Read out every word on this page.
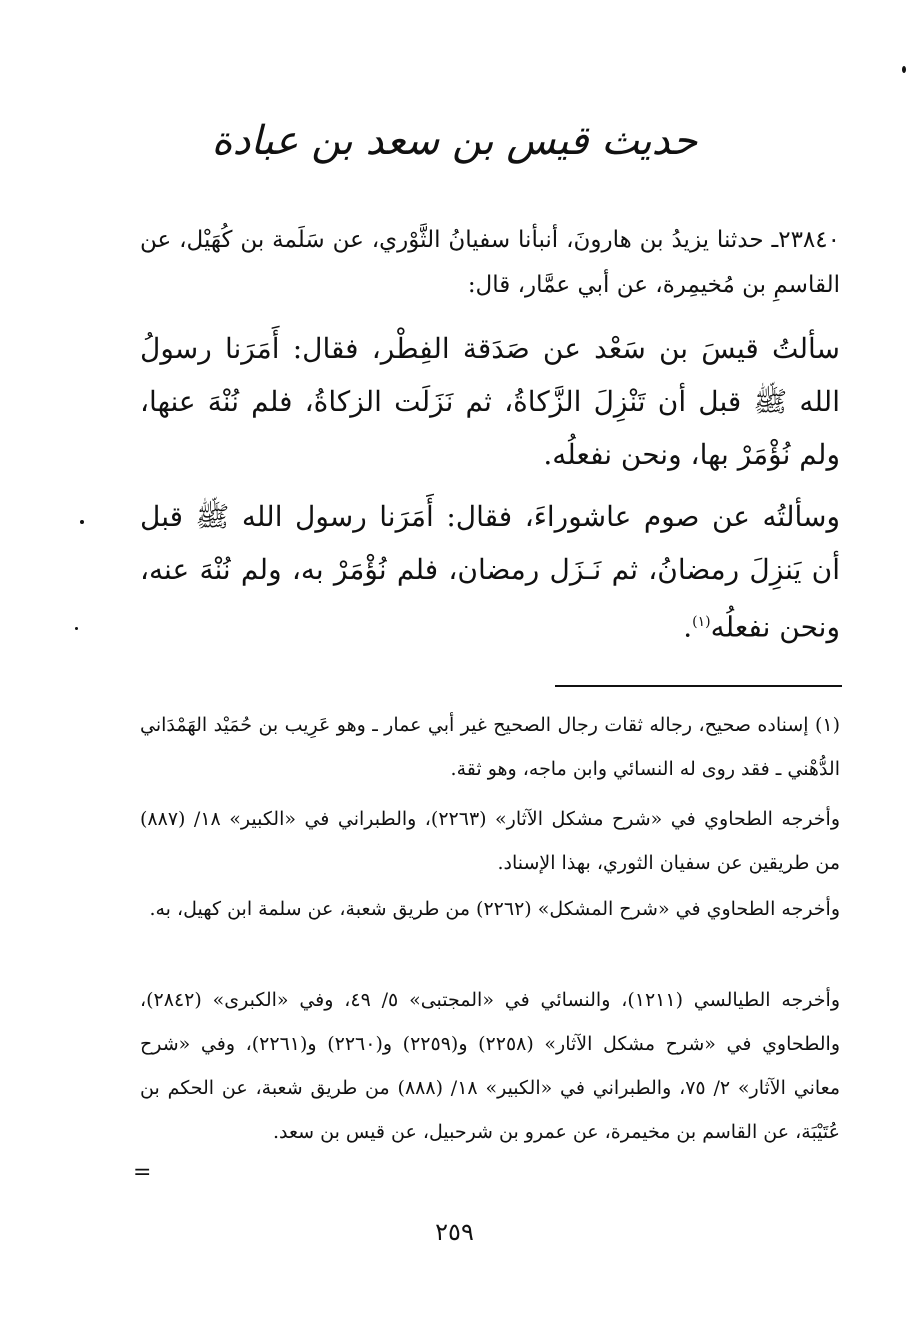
حديث قيس بن سعد بن عبادة

٢٣٨٤٠ـ حدثنا يزيدُ بن هارونَ، أنبأنا سفيانُ الثَّوْري، عن سَلَمة بن كُهَيْل، عن القاسمِ بن مُخيمِرة، عن أبي عمَّار، قال:

سألتُ قيسَ بن سَعْد عن صَدَقة الفِطْر، فقال: أَمَرَنا رسولُ الله ﷺ قبل أن تَنْزِلَ الزَّكاةُ، ثم نَزَلَت الزكاةُ، فلم نُنْهَ عنها، ولم نُؤْمَرْ بها، ونحن نفعلُه.

وسألتُه عن صوم عاشوراءَ، فقال: أَمَرَنا رسول الله ﷺ قبل أن يَنزِلَ رمضانُ، ثم نَـزَل رمضان، فلم نُؤْمَرْ به، ولم نُنْهَ عنه، ونحن نفعلُه$^{(١)}$.

(١) إسناده صحيح، رجاله ثقات رجال الصحيح غير أبي عمار ـ وهو عَرِيب بن حُمَيْد الهَمْدَاني الدُّهْني ـ فقد روى له النسائي وابن ماجه، وهو ثقة.

وأخرجه الطحاوي في «شرح مشكل الآثار» (٢٢٦٣)، والطبراني في «الكبير» ١٨/ (٨٨٧) من طريقين عن سفيان الثوري، بهذا الإسناد.

وأخرجه الطحاوي في «شرح المشكل» (٢٢٦٢) من طريق شعبة، عن سلمة ابن كهيل، به.

وأخرجه الطيالسي (١٢١١)، والنسائي في «المجتبى» ٥/ ٤٩، وفي «الكبرى» (٢٨٤٢)، والطحاوي في «شرح مشكل الآثار» (٢٢٥٨) و(٢٢٥٩) و(٢٢٦٠) و(٢٢٦١)، وفي «شرح معاني الآثار» ٢/ ٧٥، والطبراني في «الكبير» ١٨/ (٨٨٨) من طريق شعبة، عن الحكم بن عُتَيْبَة، عن القاسم بن مخيمرة، عن عمرو بن شرحبيل، عن قيس بن سعد.

=
٢٥٩
